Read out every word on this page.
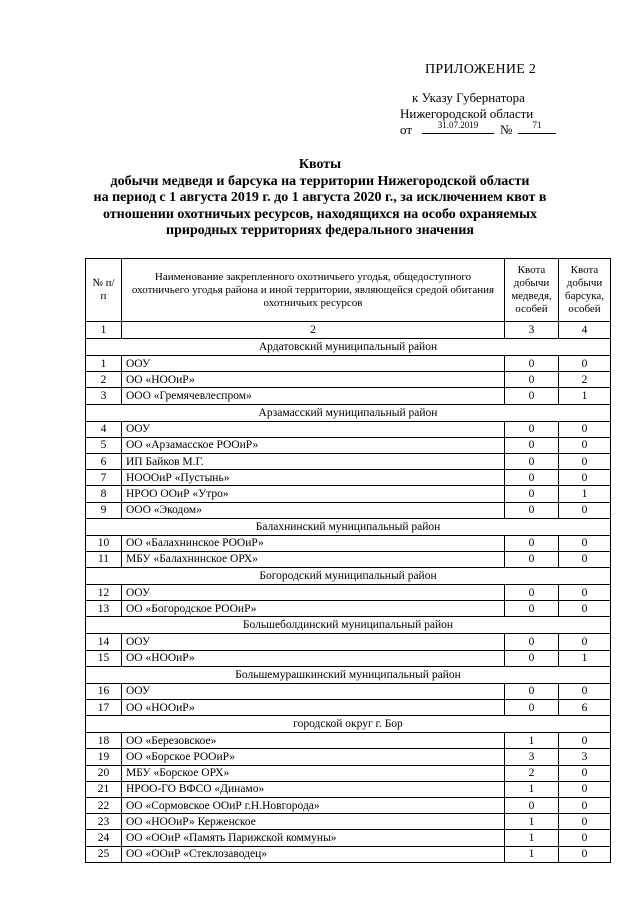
ПРИЛОЖЕНИЕ 2
к Указу Губернатора
Нижегородской области
от	31.07.2019	№	71
Квоты
добычи медведя и барсука на территории Нижегородской области
на период с 1 августа 2019 г. до 1 августа 2020 г., за исключением квот в
отношении охотничьих ресурсов, находящихся на особо охраняемых
природных территориях федерального значения
№ п/п	Наименование закрепленного охотничьего угодья, общедоступного охотничьего угодья района и иной территории, являющейся средой обитания охотничьих ресурсов	Квота добычи медведя, особей	Квота добычи барсука, особей
1	2	3	4
Ардатовский муниципальный район			
1	ООУ	0	0
2	ОО «НООиР»	0	2
3	ООО «Гремячевлеспром»	0	1
Арзамасский муниципальный район			
4	ООУ	0	0
5	ОО «Арзамасское РООиР»	0	0
6	ИП Байков М.Г.	0	0
7	НОООиР «Пустынь»	0	0
8	НРОО ООиР «Утро»	0	1
9	ООО «Экодом»	0	0
Балахнинский муниципальный район			
10	ОО «Балахнинское РООиР»	0	0
11	МБУ «Балахнинское ОРХ»	0	0
Богородский муниципальный район			
12	ООУ	0	0
13	ОО «Богородское РООиР»	0	0
Большеболдинский муниципальный район			
14	ООУ	0	0
15	ОО «НООиР»	0	1
Большемурашкинский муниципальный район			
16	ООУ	0	0
17	ОО «НООиР»	0	6
городской округ г. Бор			
18	ОО «Березовское»	1	0
19	ОО «Борское РООиР»	3	3
20	МБУ «Борское ОРХ»	2	0
21	НРОО-ГО ВФСО «Динамо»	1	0
22	ОО «Сормовское ООиР г.Н.Новгорода»	0	0
23	ОО «НООиР» Керженское	1	0
24	ОО «ООиР «Память Парижской коммуны»	1	0
25	ОО «ООиР «Стеклозаводец»	1	0
